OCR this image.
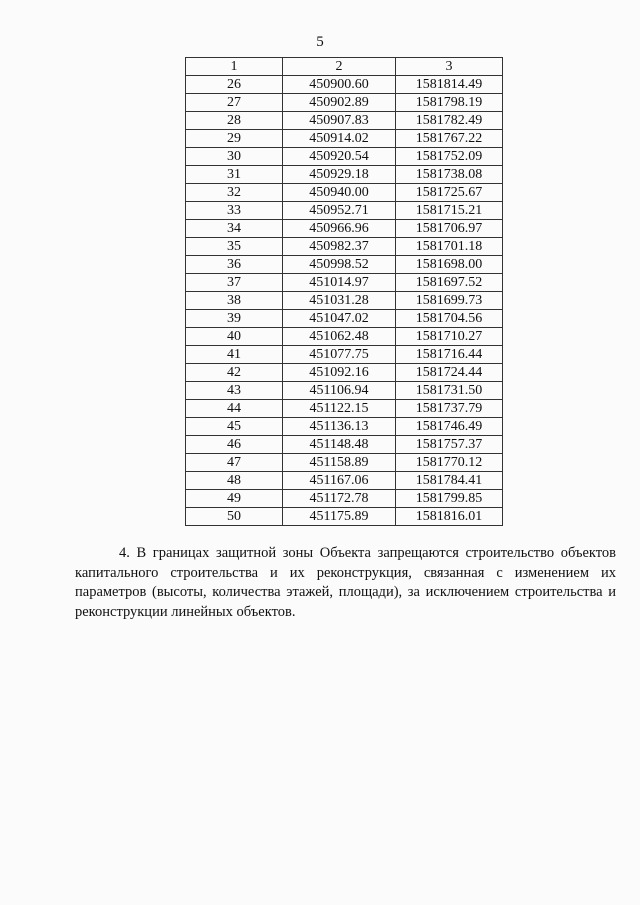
5
1	2	3
26	450900.60	1581814.49
27	450902.89	1581798.19
28	450907.83	1581782.49
29	450914.02	1581767.22
30	450920.54	1581752.09
31	450929.18	1581738.08
32	450940.00	1581725.67
33	450952.71	1581715.21
34	450966.96	1581706.97
35	450982.37	1581701.18
36	450998.52	1581698.00
37	451014.97	1581697.52
38	451031.28	1581699.73
39	451047.02	1581704.56
40	451062.48	1581710.27
41	451077.75	1581716.44
42	451092.16	1581724.44
43	451106.94	1581731.50
44	451122.15	1581737.79
45	451136.13	1581746.49
46	451148.48	1581757.37
47	451158.89	1581770.12
48	451167.06	1581784.41
49	451172.78	1581799.85
50	451175.89	1581816.01

4. В границах защитной зоны Объекта запрещаются строительство объектов капитального строительства и их реконструкция, связанная с изменением их параметров (высоты, количества этажей, площади), за исключением строительства и реконструкции линейных объектов.
